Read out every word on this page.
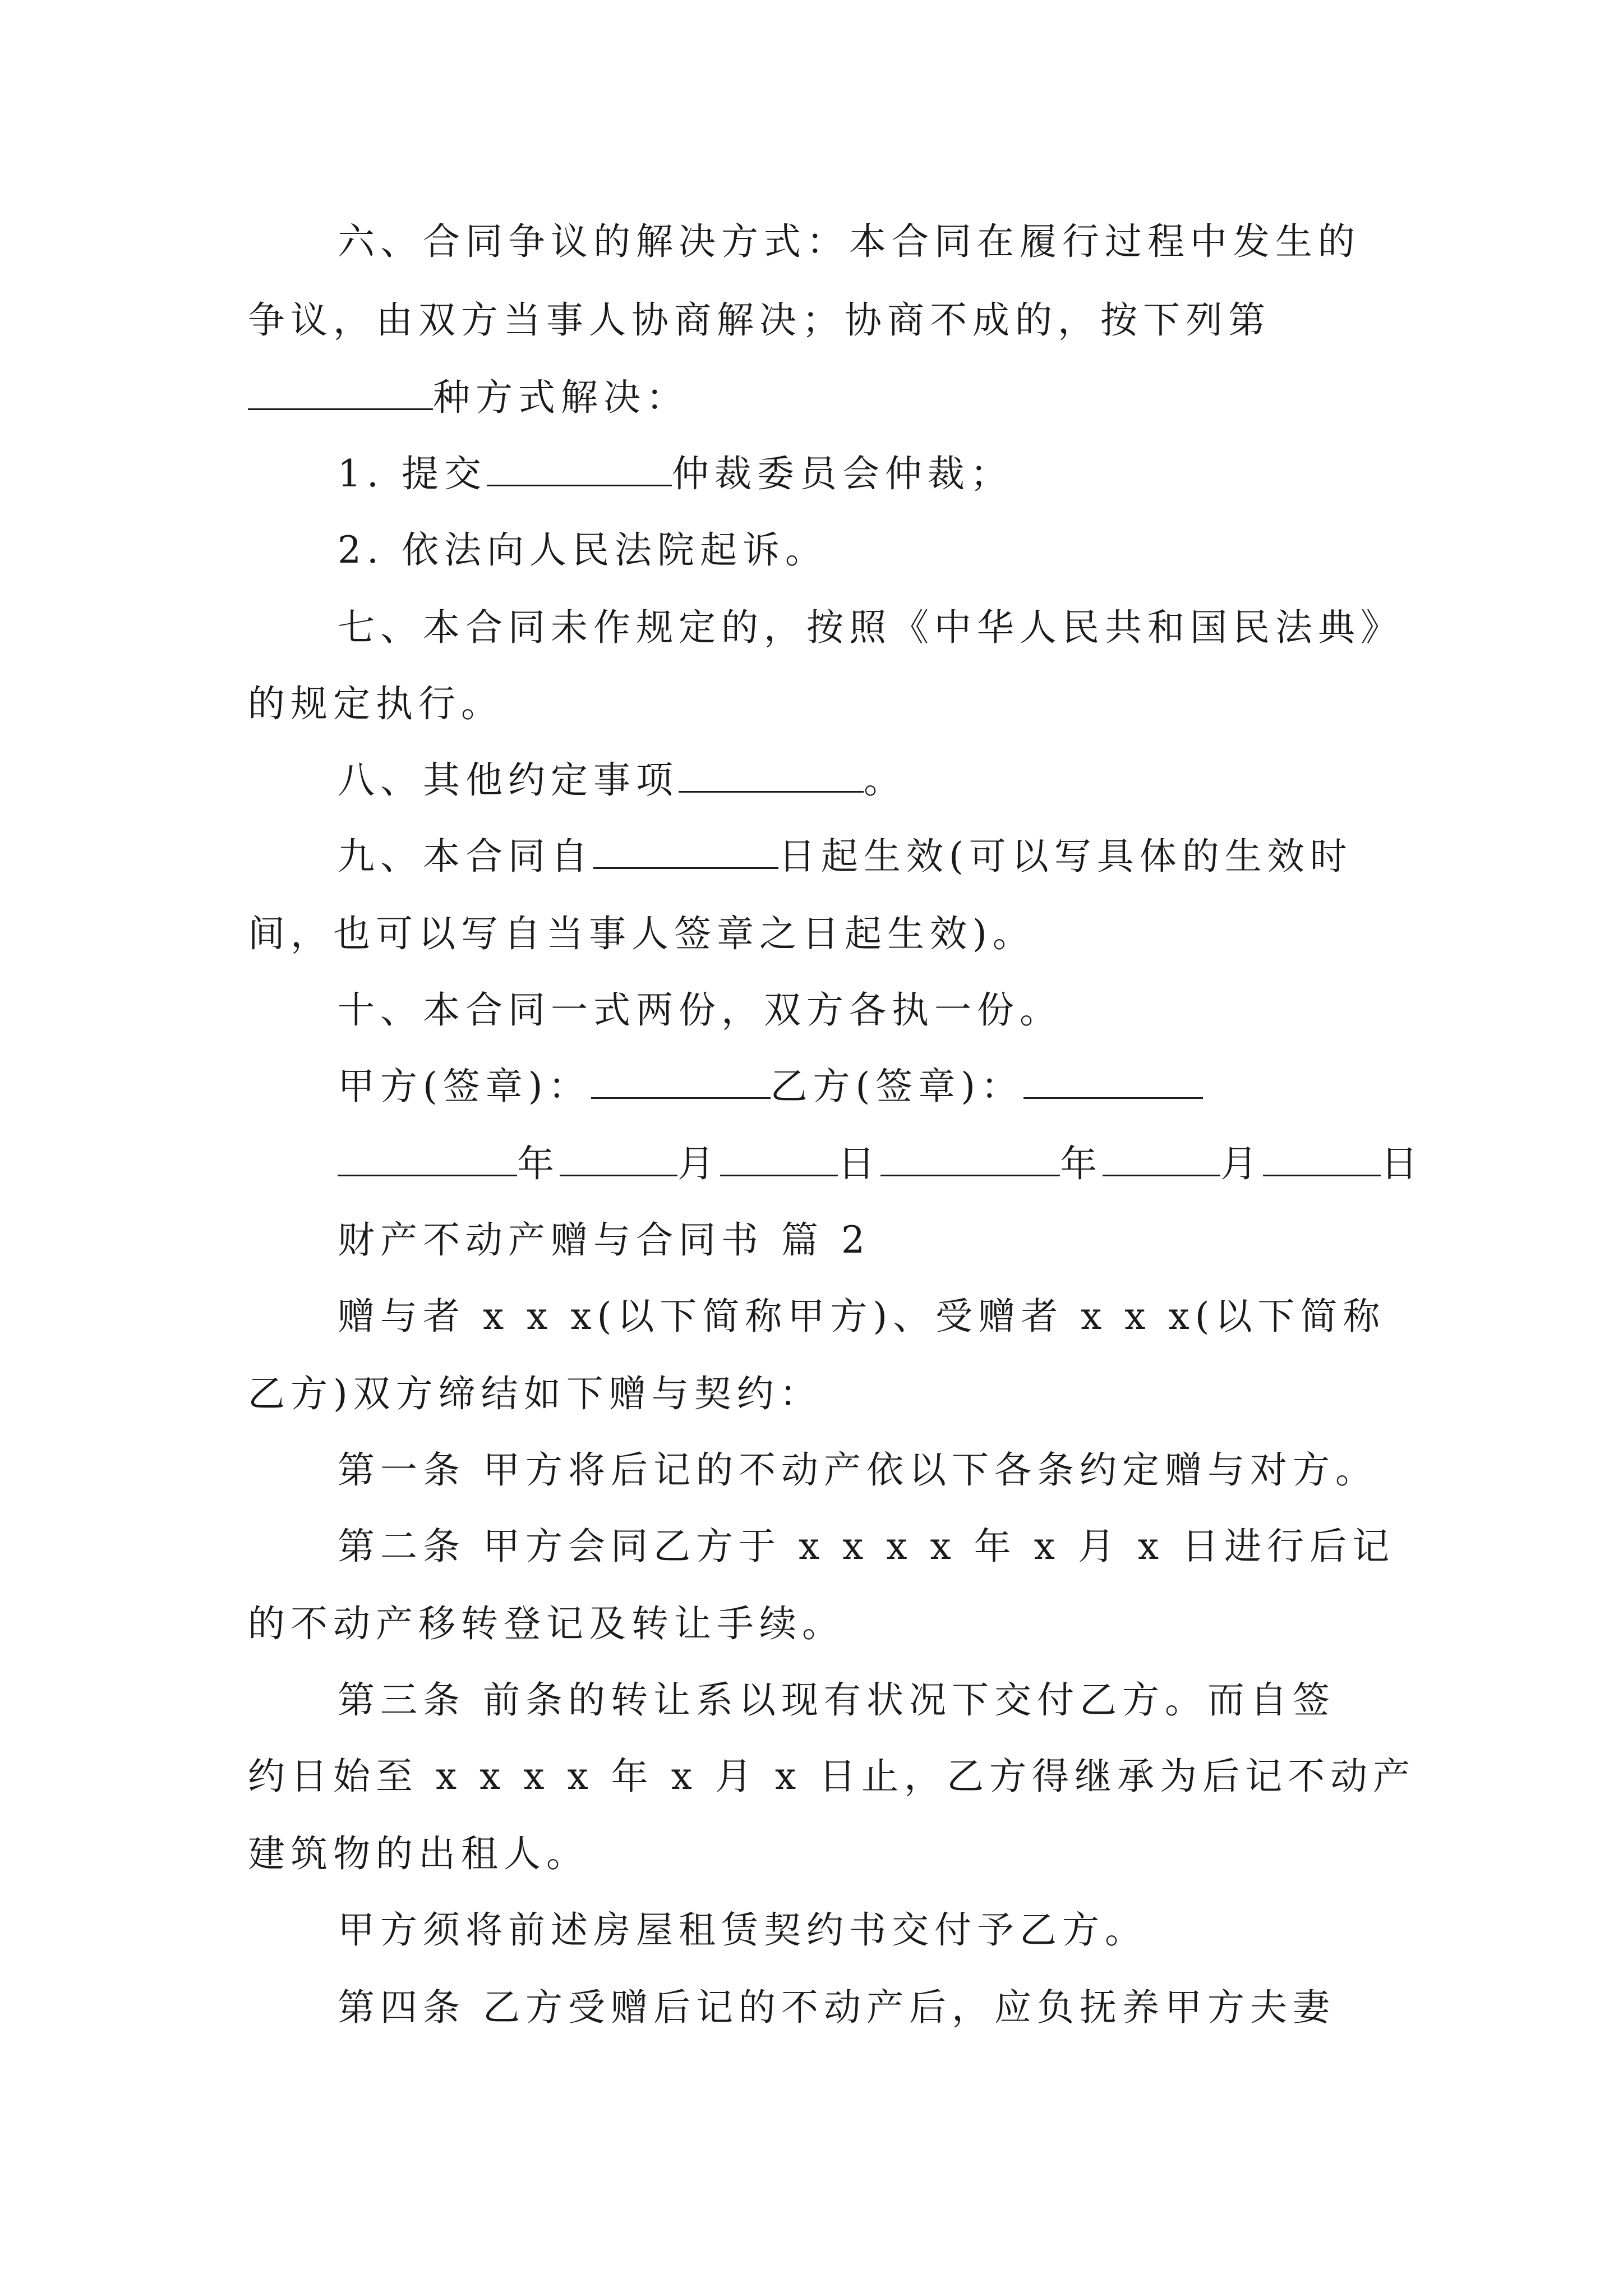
六、合同争议的解决方式：本合同在履行过程中发生的
争议，由双方当事人协商解决；协商不成的，按下列第
种方式解决：
1. 提交	仲裁委员会仲裁；
2. 依法向人民法院起诉。
七、本合同未作规定的，按照《中华人民共和国民法典》
的规定执行。
八、其他约定事项	。
九、本合同自	日起生效(可以写具体的生效时
间，也可以写自当事人签章之日起生效)。
十、本合同一式两份，双方各执一份。
甲方(签章)：	乙方(签章)：
年	月	日	年	月	日
财产不动产赠与合同书 篇 2
赠与者 x x x(以下简称甲方)、受赠者 x x x(以下简称
乙方)双方缔结如下赠与契约：
第一条 甲方将后记的不动产依以下各条约定赠与对方。
第二条 甲方会同乙方于 x x x x 年 x 月 x 日进行后记
的不动产移转登记及转让手续。
第三条 前条的转让系以现有状况下交付乙方。而自签
约日始至 x x x x 年 x 月 x 日止，乙方得继承为后记不动产
建筑物的出租人。
甲方须将前述房屋租赁契约书交付予乙方。
第四条 乙方受赠后记的不动产后，应负抚养甲方夫妻
